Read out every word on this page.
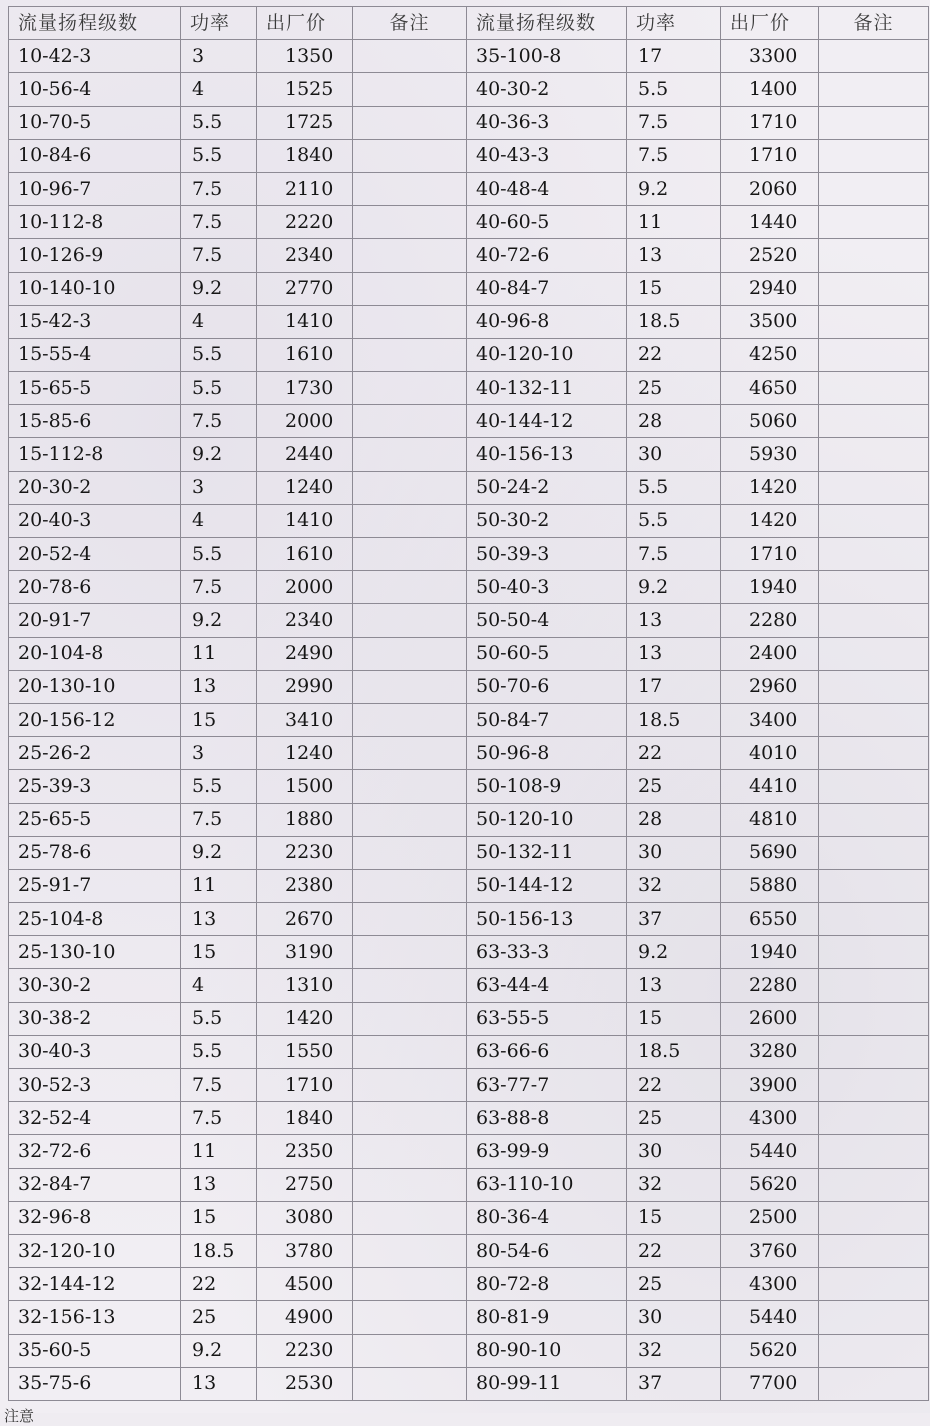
流量扬程级数	功率	出厂价	备注	流量扬程级数	功率	出厂价	备注
10-42-3	3	1350		35-100-8	17	3300	
10-56-4	4	1525		40-30-2	5.5	1400	
10-70-5	5.5	1725		40-36-3	7.5	1710	
10-84-6	5.5	1840		40-43-3	7.5	1710	
10-96-7	7.5	2110		40-48-4	9.2	2060	
10-112-8	7.5	2220		40-60-5	11	1440	
10-126-9	7.5	2340		40-72-6	13	2520	
10-140-10	9.2	2770		40-84-7	15	2940	
15-42-3	4	1410		40-96-8	18.5	3500	
15-55-4	5.5	1610		40-120-10	22	4250	
15-65-5	5.5	1730		40-132-11	25	4650	
15-85-6	7.5	2000		40-144-12	28	5060	
15-112-8	9.2	2440		40-156-13	30	5930	
20-30-2	3	1240		50-24-2	5.5	1420	
20-40-3	4	1410		50-30-2	5.5	1420	
20-52-4	5.5	1610		50-39-3	7.5	1710	
20-78-6	7.5	2000		50-40-3	9.2	1940	
20-91-7	9.2	2340		50-50-4	13	2280	
20-104-8	11	2490		50-60-5	13	2400	
20-130-10	13	2990		50-70-6	17	2960	
20-156-12	15	3410		50-84-7	18.5	3400	
25-26-2	3	1240		50-96-8	22	4010	
25-39-3	5.5	1500		50-108-9	25	4410	
25-65-5	7.5	1880		50-120-10	28	4810	
25-78-6	9.2	2230		50-132-11	30	5690	
25-91-7	11	2380		50-144-12	32	5880	
25-104-8	13	2670		50-156-13	37	6550	
25-130-10	15	3190		63-33-3	9.2	1940	
30-30-2	4	1310		63-44-4	13	2280	
30-38-2	5.5	1420		63-55-5	15	2600	
30-40-3	5.5	1550		63-66-6	18.5	3280	
30-52-3	7.5	1710		63-77-7	22	3900	
32-52-4	7.5	1840		63-88-8	25	4300	
32-72-6	11	2350		63-99-9	30	5440	
32-84-7	13	2750		63-110-10	32	5620	
32-96-8	15	3080		80-36-4	15	2500	
32-120-10	18.5	3780		80-54-6	22	3760	
32-144-12	22	4500		80-72-8	25	4300	
32-156-13	25	4900		80-81-9	30	5440	
35-60-5	9.2	2230		80-90-10	32	5620	
35-75-6	13	2530		80-99-11	37	7700	
注意
